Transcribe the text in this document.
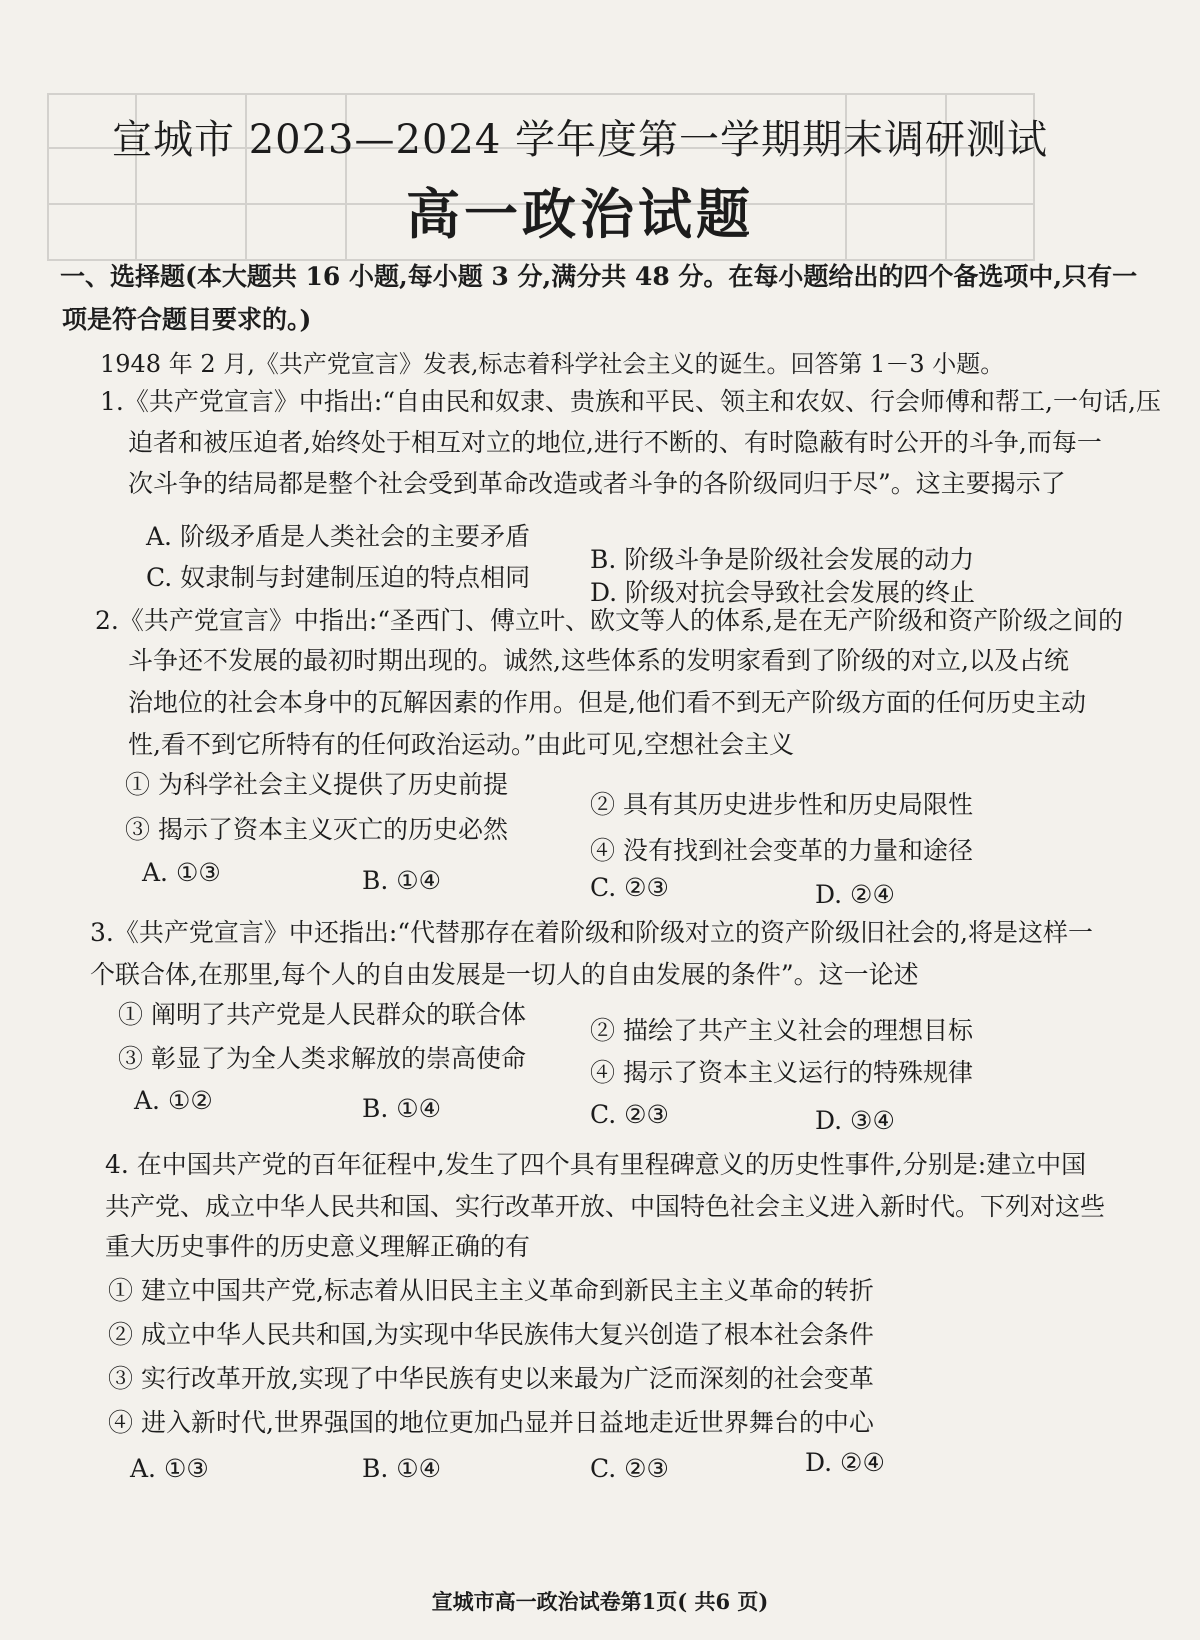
宣城市 2023—2024 学年度第一学期期末调研测试
高一政治试题
一、选择题(本大题共 16 小题,每小题 3 分,满分共 48 分。在每小题给出的四个备选项中,只有一
项是符合题目要求的。)
1948 年 2 月,《共产党宣言》发表,标志着科学社会主义的诞生。回答第 1－3 小题。
1.《共产党宣言》中指出:“自由民和奴隶、贵族和平民、领主和农奴、行会师傅和帮工,一句话,压
迫者和被压迫者,始终处于相互对立的地位,进行不断的、有时隐蔽有时公开的斗争,而每一
次斗争的结局都是整个社会受到革命改造或者斗争的各阶级同归于尽”。这主要揭示了
A. 阶级矛盾是人类社会的主要矛盾
B. 阶级斗争是阶级社会发展的动力
C. 奴隶制与封建制压迫的特点相同
D. 阶级对抗会导致社会发展的终止
2.《共产党宣言》中指出:“圣西门、傅立叶、欧文等人的体系,是在无产阶级和资产阶级之间的
斗争还不发展的最初时期出现的。诚然,这些体系的发明家看到了阶级的对立,以及占统
治地位的社会本身中的瓦解因素的作用。但是,他们看不到无产阶级方面的任何历史主动
性,看不到它所特有的任何政治运动。”由此可见,空想社会主义
① 为科学社会主义提供了历史前提
② 具有其历史进步性和历史局限性
③ 揭示了资本主义灭亡的历史必然
④ 没有找到社会变革的力量和途径
A. ①③	B. ①④	C. ②③	D. ②④
3.《共产党宣言》中还指出:“代替那存在着阶级和阶级对立的资产阶级旧社会的,将是这样一
个联合体,在那里,每个人的自由发展是一切人的自由发展的条件”。这一论述
① 阐明了共产党是人民群众的联合体
② 描绘了共产主义社会的理想目标
③ 彰显了为全人类求解放的崇高使命	④ 揭示了资本主义运行的特殊规律
A. ①②	B. ①④	C. ②③	D. ③④
4. 在中国共产党的百年征程中,发生了四个具有里程碑意义的历史性事件,分别是:建立中国
共产党、成立中华人民共和国、实行改革开放、中国特色社会主义进入新时代。下列对这些
重大历史事件的历史意义理解正确的有
① 建立中国共产党,标志着从旧民主主义革命到新民主主义革命的转折
② 成立中华人民共和国,为实现中华民族伟大复兴创造了根本社会条件
③ 实行改革开放,实现了中华民族有史以来最为广泛而深刻的社会变革
④ 进入新时代,世界强国的地位更加凸显并日益地走近世界舞台的中心
A. ①③	B. ①④	C. ②③	D. ②④
宣城市高一政治试卷第1页( 共6 页)
